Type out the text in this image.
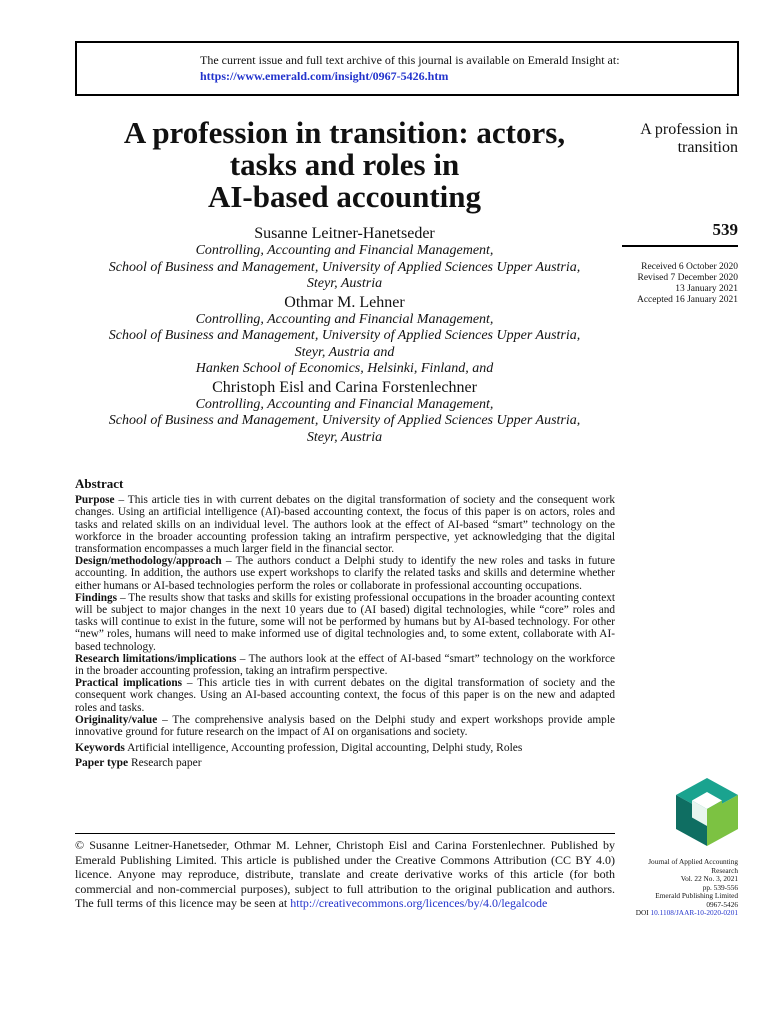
The current issue and full text archive of this journal is available on Emerald Insight at:
https://www.emerald.com/insight/0967-5426.htm
A profession in transition: actors,
tasks and roles in
AI-based accounting
A profession in
transition
539
Received 6 October 2020
Revised 7 December 2020
13 January 2021
Accepted 16 January 2021
Susanne Leitner-Hanetseder
Controlling, Accounting and Financial Management,
School of Business and Management, University of Applied Sciences Upper Austria,
Steyr, Austria
Othmar M. Lehner
Controlling, Accounting and Financial Management,
School of Business and Management, University of Applied Sciences Upper Austria,
Steyr, Austria and
Hanken School of Economics, Helsinki, Finland, and
Christoph Eisl and Carina Forstenlechner
Controlling, Accounting and Financial Management,
School of Business and Management, University of Applied Sciences Upper Austria,
Steyr, Austria
Abstract

Purpose – This article ties in with current debates on the digital transformation of society and the consequent work changes. Using an artificial intelligence (AI)-based accounting context, the focus of this paper is on actors, roles and tasks and related skills on an individual level. The authors look at the effect of AI-based “smart” technology on the workforce in the broader accounting profession taking an intrafirm perspective, yet acknowledging that the digital transformation encompasses a much larger field in the financial sector.

Design/methodology/approach – The authors conduct a Delphi study to identify the new roles and tasks in future accounting. In addition, the authors use expert workshops to clarify the related tasks and skills and determine whether either humans or AI-based technologies perform the roles or collaborate in professional accounting occupations.

Findings – The results show that tasks and skills for existing professional occupations in the broader acounting context will be subject to major changes in the next 10 years due to (AI based) digital technologies, while “core” roles and tasks will continue to exist in the future, some will not be performed by humans but by AI-based technology. For other “new” roles, humans will need to make informed use of digital technologies and, to some extent, collaborate with AI-based technology.

Research limitations/implications – The authors look at the effect of AI-based “smart” technology on the workforce in the broader accounting profession, taking an intrafirm perspective.

Practical implications – This article ties in with current debates on the digital transformation of society and the consequent work changes. Using an AI-based accounting context, the focus of this paper is on the new and adapted roles and tasks.

Originality/value – The comprehensive analysis based on the Delphi study and expert workshops provide ample innovative ground for future research on the impact of AI on organisations and society.

Keywords Artificial intelligence, Accounting profession, Digital accounting, Delphi study, Roles

Paper type Research paper

© Susanne Leitner-Hanetseder, Othmar M. Lehner, Christoph Eisl and Carina Forstenlechner. Published by Emerald Publishing Limited. This article is published under the Creative Commons Attribution (CC BY 4.0) licence. Anyone may reproduce, distribute, translate and create derivative works of this article (for both commercial and non-commercial purposes), subject to full attribution to the original publication and authors. The full terms of this licence may be seen at http://creativecommons.org/licences/by/4.0/legalcode
Journal of Applied Accounting
Research
Vol. 22 No. 3, 2021
pp. 539-556
Emerald Publishing Limited
0967-5426
DOI 10.1108/JAAR-10-2020-0201
